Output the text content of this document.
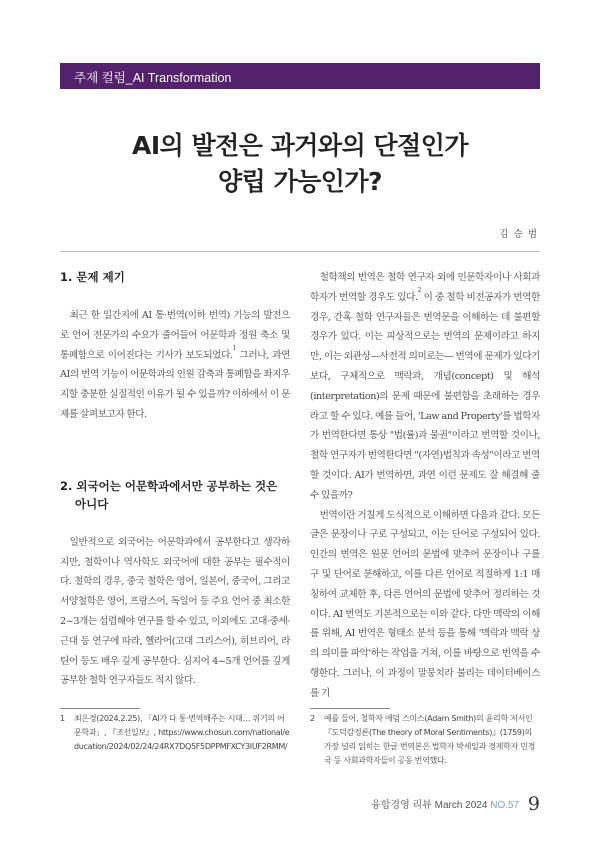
주제 컬럼_AI Transformation
AI의 발전은 과거와의 단절인가
양립 가능인가?
김 승 범
1. 문제 제기

최근 한 일간지에 AI 통·번역(이하 번역) 기능의 발전으로 언어 전문가의 수요가 줄어들어 어문학과 정원 축소 및 통폐합으로 이어진다는 기사가 보도되었다.$^1$ 그러나, 과연 AI의 번역 기능이 어문학과의 인원 감축과 통폐합을 좌지우지할 충분한 실질적인 이유가 될 수 있을까? 이하에서 이 문제를 살펴보고자 한다.

2. 외국어는 어문학과에서만 공부하는 것은
아니다

일반적으로 외국어는 어문학과에서 공부한다고 생각하지만, 철학이나 역사학도 외국어에 대한 공부는 필수적이다. 철학의 경우, 중국 철학은 영어, 일본어, 중국어, 그리고 서양철학은 영어, 프랑스어, 독일어 등 주요 언어 중 최소한 2~3개는 섭렵해야 연구를 할 수 있고, 이외에도 고대·중세·근대 등 연구에 따라, 헬라어(고대 그리스어), 히브리어, 라틴어 등도 배우 깊게 공부한다. 심지어 4~5개 언어를 깊게 공부한 철학 연구자들도 적지 않다.

철학책의 번역은 철학 연구자 외에 인문학자이나 사회과학자가 번역할 경우도 있다.$^2$ 이 중 철학 비전공자가 번역한 경우, 간혹 철학 연구자들은 번역문을 이해하는 데 불편할 경우가 있다. 이는 피상적으로는 번역의 문제이라고 하지만, 이는 외관상—사전적 의미로는— 번역에 문제가 있다기 보다, 구체적으로 맥락과, 개념(concept) 및 해석(interpretation)의 문제 때문에 불편함을 초래하는 경우라고 할 수 있다. 예를 들어, 'Law and Property'를 법학자가 번역한다면 통상 "법(률)과 물권"이라고 번역할 것이나, 철학 연구자가 번역한다면 "(자연)법칙과 속성"이라고 번역할 것이다. AI가 번역하면, 과연 이런 문제도 잘 해결해 줄 수 있을까?

번역이란 거칠게 도식적으로 이해하면 다음과 같다. 모든 글은 문장이나 구로 구성되고, 이는 단어로 구성되어 있다. 인간의 번역은 원문 언어의 문법에 맞추어 문장이나 구를 구 및 단어로 분해하고, 이를 다른 언어로 적절하게 1:1 매칭하여 교체한 후, 다른 언어의 문법에 맞추어 정리하는 것이다. AI 번역도 기본적으로는 이와 같다. 다만 맥락의 이해를 위해, AI 번역은 형태소 분석 등을 통해 '맥락과 맥락 상의 의미를 파악'하는 작업을 거쳐, 이를 바탕으로 번역을 수행한다. 그러나, 이 과정이 말뭉치라 불리는 데이터베이스를 기

1 최은경(2024.2.25), 「AI가 다 통·번역해주는 시대… 위기의 어문학과」, 『조선일보』, https://www.chosun.com/national/education/2024/02/24/24RX7DQ5F5DPPMFXCY3IUF2RMM/
2 예를 들어, 철학자 애덤 스미스(Adam Smith)의 윤리학 저서인 『도덕감정론(The theory of Moral Sentiments)』(1759)의 가장 널리 읽히는 한글 번역본은 법학자 박세일과 경제학자 민경국 등 사회과학자들이 공동 번역했다.
융합경영 리뷰 March 2024 NO.57 9
